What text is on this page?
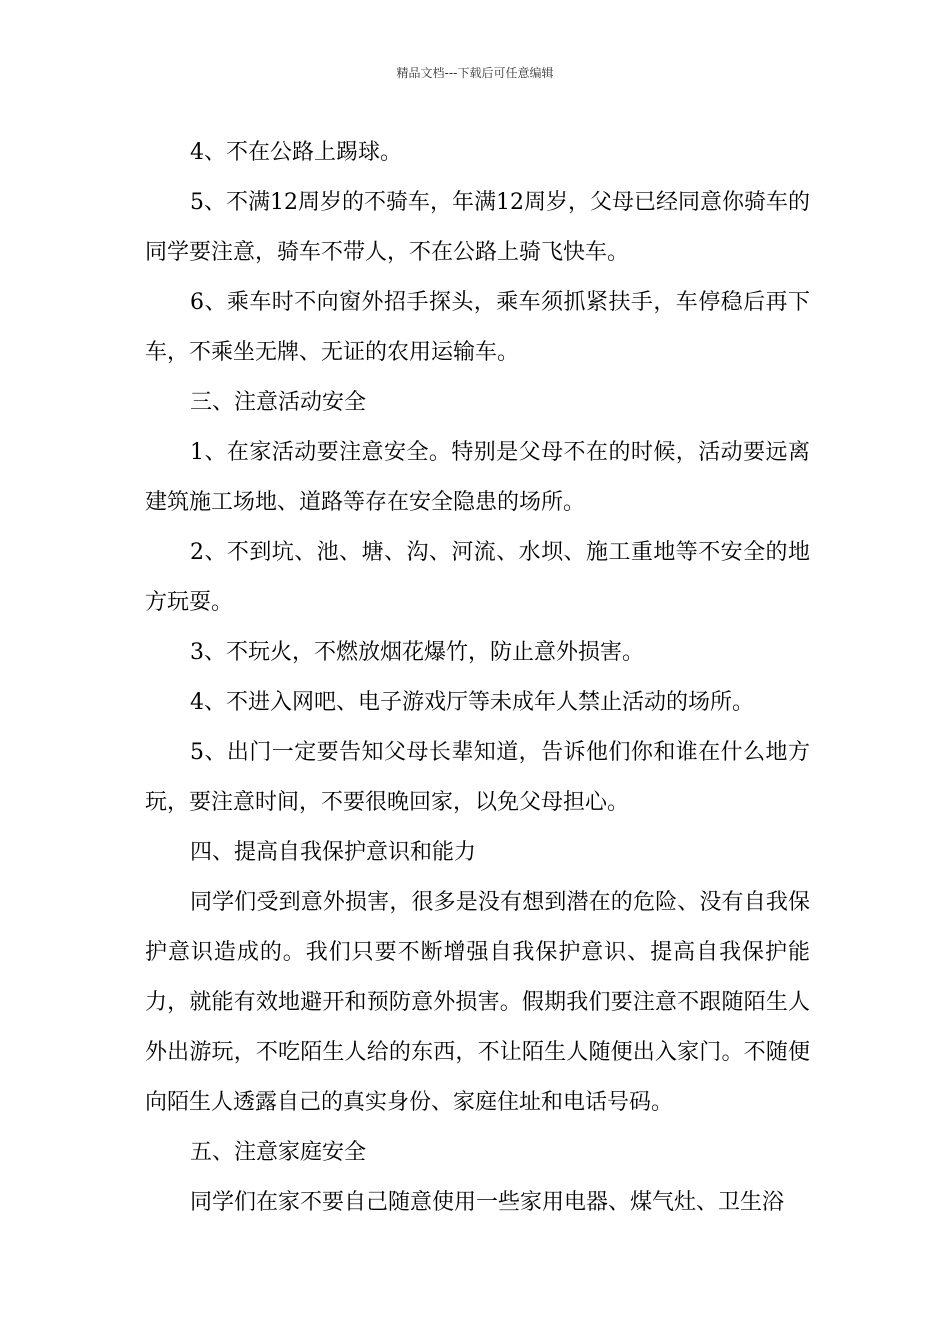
精品文档---下载后可任意编辑

4、不在公路上踢球。

5、不满12周岁的不骑车，年满12周岁，父母已经同意你骑车的同学要注意，骑车不带人，不在公路上骑飞快车。

6、乘车时不向窗外招手探头，乘车须抓紧扶手，车停稳后再下车，不乘坐无牌、无证的农用运输车。

三、注意活动安全

1、在家活动要注意安全。特别是父母不在的时候，活动要远离建筑施工场地、道路等存在安全隐患的场所。

2、不到坑、池、塘、沟、河流、水坝、施工重地等不安全的地方玩耍。

3、不玩火，不燃放烟花爆竹，防止意外损害。

4、不进入网吧、电子游戏厅等未成年人禁止活动的场所。

5、出门一定要告知父母长辈知道，告诉他们你和谁在什么地方玩，要注意时间，不要很晚回家，以免父母担心。

四、提高自我保护意识和能力

同学们受到意外损害，很多是没有想到潜在的危险、没有自我保护意识造成的。我们只要不断增强自我保护意识、提高自我保护能力，就能有效地避开和预防意外损害。假期我们要注意不跟随陌生人外出游玩，不吃陌生人给的东西，不让陌生人随便出入家门。不随便向陌生人透露自己的真实身份、家庭住址和电话号码。

五、注意家庭安全

同学们在家不要自己随意使用一些家用电器、煤气灶、卫生浴
